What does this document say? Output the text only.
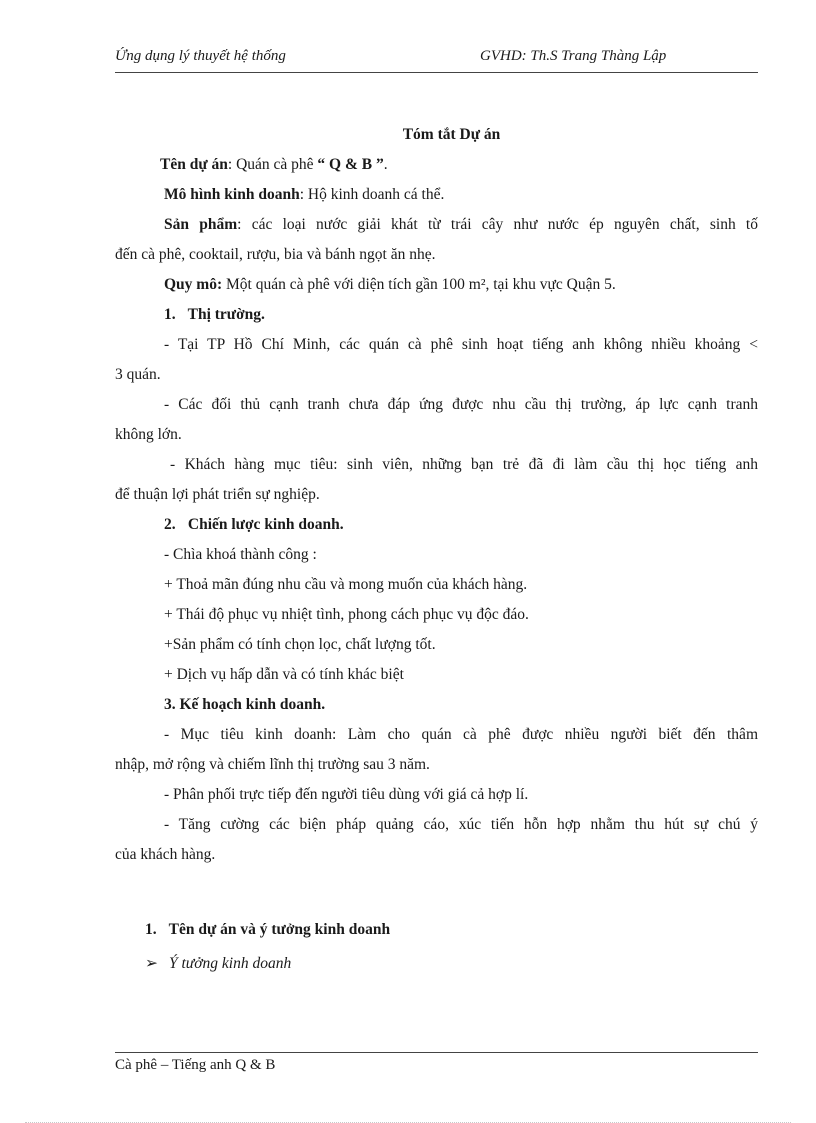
Ứng dụng lý thuyết hệ thống	GVHD: Th.S Trang Thàng Lập
Tóm tắt Dự án
Tên dự án: Quán cà phê “ Q & B ”.
Mô hình kinh doanh: Hộ kinh doanh cá thể.
Sản phẩm: các loại nước giải khát từ trái cây như nước ép nguyên chất, sinh tố
đến cà phê, cooktail, rượu, bia và bánh ngọt ăn nhẹ.
Quy mô: Một quán cà phê với diện tích gần 100 m², tại khu vực Quận 5.
1. Thị trường.
- Tại TP Hồ Chí Minh, các quán cà phê sinh hoạt tiếng anh không nhiều khoảng <
3 quán.
- Các đối thủ cạnh tranh chưa đáp ứng được nhu cầu thị trường, áp lực cạnh tranh
không lớn.
- Khách hàng mục tiêu: sinh viên, những bạn trẻ đã đi làm cầu thị học tiếng anh
để thuận lợi phát triển sự nghiệp.
2. Chiến lược kinh doanh.
- Chìa khoá thành công :
+ Thoả mãn đúng nhu cầu và mong muốn của khách hàng.
+ Thái độ phục vụ nhiệt tình, phong cách phục vụ độc đáo.
+Sản phẩm có tính chọn lọc, chất lượng tốt.
+ Dịch vụ hấp dẫn và có tính khác biệt
3. Kế hoạch kinh doanh.
- Mục tiêu kinh doanh: Làm cho quán cà phê được nhiều người biết đến thâm
nhập, mở rộng và chiếm lĩnh thị trường sau 3 năm.
- Phân phối trực tiếp đến người tiêu dùng với giá cả hợp lí.
- Tăng cường các biện pháp quảng cáo, xúc tiến hỗn hợp nhằm thu hút sự chú ý
của khách hàng.
1. Tên dự án và ý tưởng kinh doanh
➢ Ý tưởng kinh doanh
Cà phê – Tiếng anh Q & B
